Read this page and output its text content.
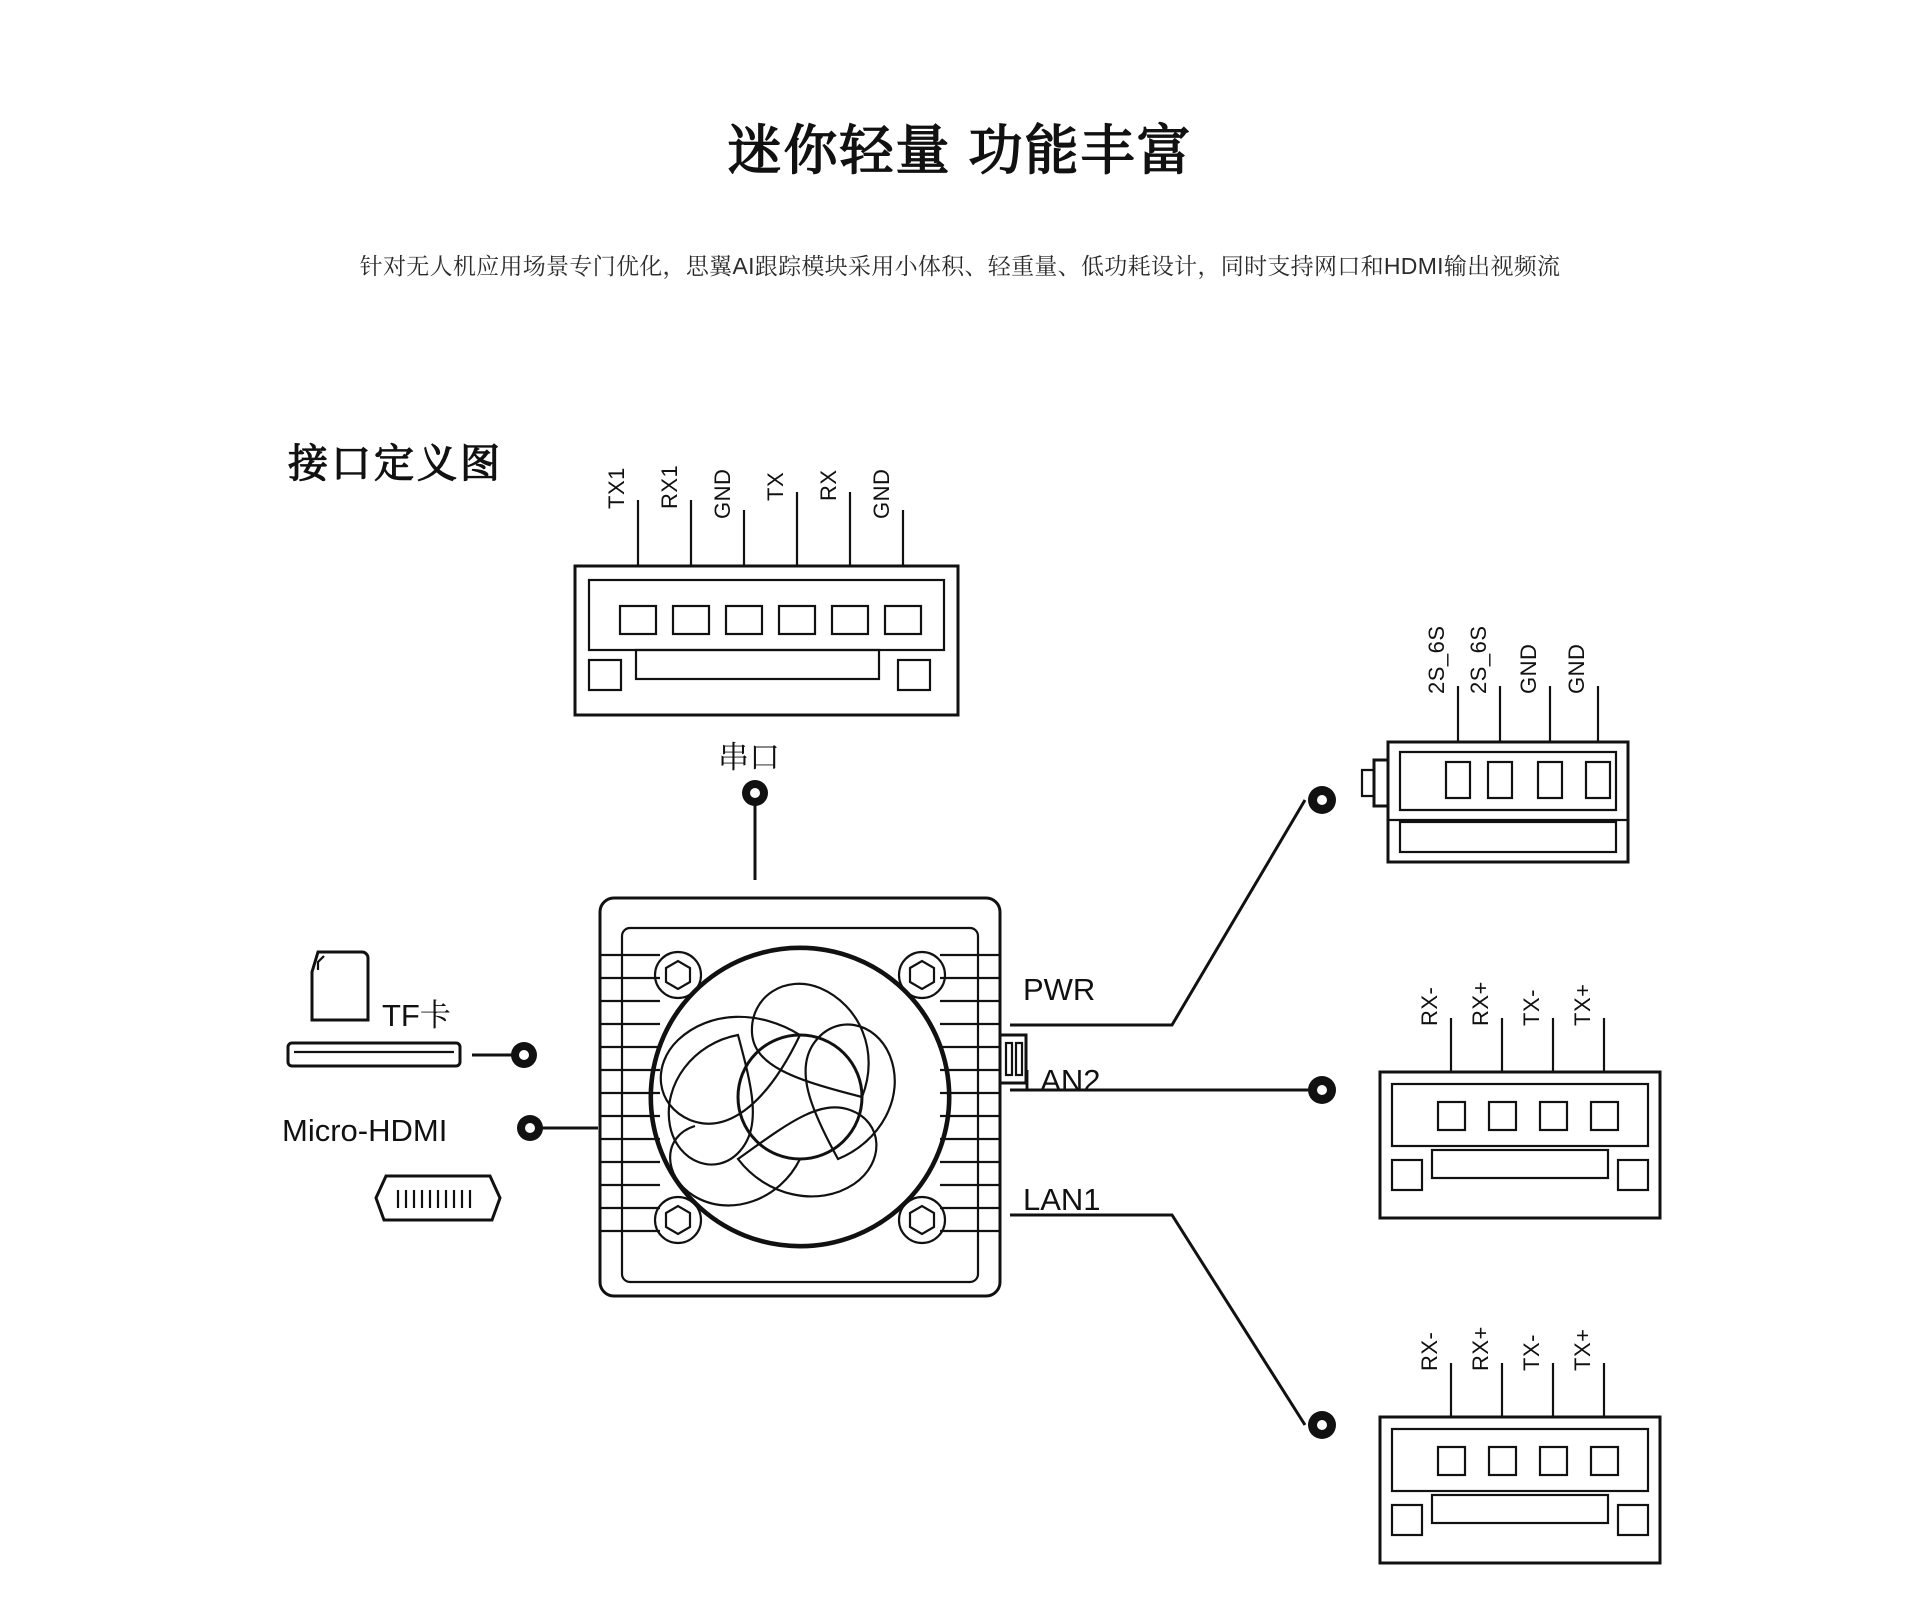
迷你轻量 功能丰富
针对无人机应用场景专门优化，思翼AI跟踪模块采用小体积、轻重量、低功耗设计，同时支持网口和HDMI输出视频流
接口定义图
TX1 RX1 GND TX RX GND
2S_6S 2S_6S GND GND
RX- RX+ TX- TX+
RX- RX+ TX- TX+
串口
PWR
LAN2
LAN1
TF卡
Micro-HDMI
